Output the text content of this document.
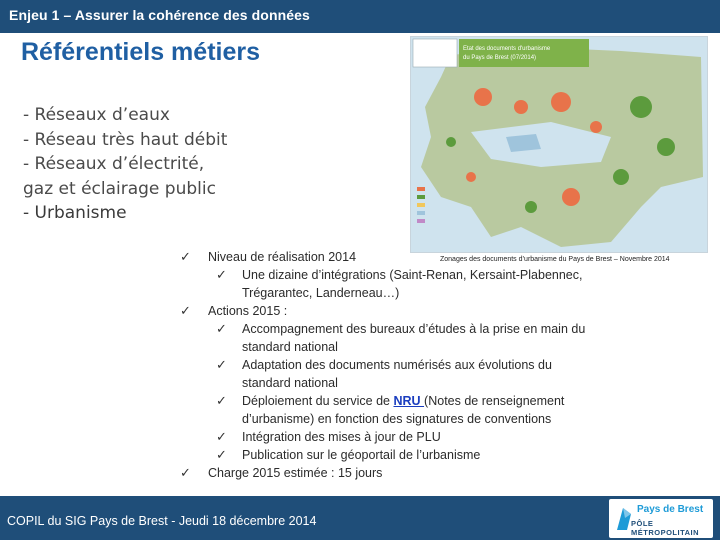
Enjeu 1 – Assurer la cohérence des données
Référentiels métiers
- Réseaux d’eaux
- Réseau très haut débit
- Réseaux d’électrité,
gaz et éclairage public
- Urbanisme
Etat des documents d'urbanisme
du Pays de Brest (07/2014)
Zonages des documents d’urbanisme du Pays de Brest – Novembre 2014
✓ Niveau de réalisation 2014
✓ Une dizaine d’intégrations (Saint-Renan, Kersaint-Plabennec,
Trégarantec, Landerneau…)
✓ Actions 2015 :
✓ Accompagnement des bureaux d’études à la prise en main du
standard national
✓ Adaptation des documents numérisés aux évolutions du
standard national
✓ Déploiement du service de NRU (Notes de renseignement
d’urbanisme) en fonction des signatures de conventions
✓ Intégration des mises à jour de PLU
✓ Publication sur le géoportail de l’urbanisme
✓ Charge 2015 estimée : 15 jours
COPIL du SIG Pays de Brest - Jeudi 18 décembre 2014
Pays de Brest
PÔLE MÉTROPOLITAIN
